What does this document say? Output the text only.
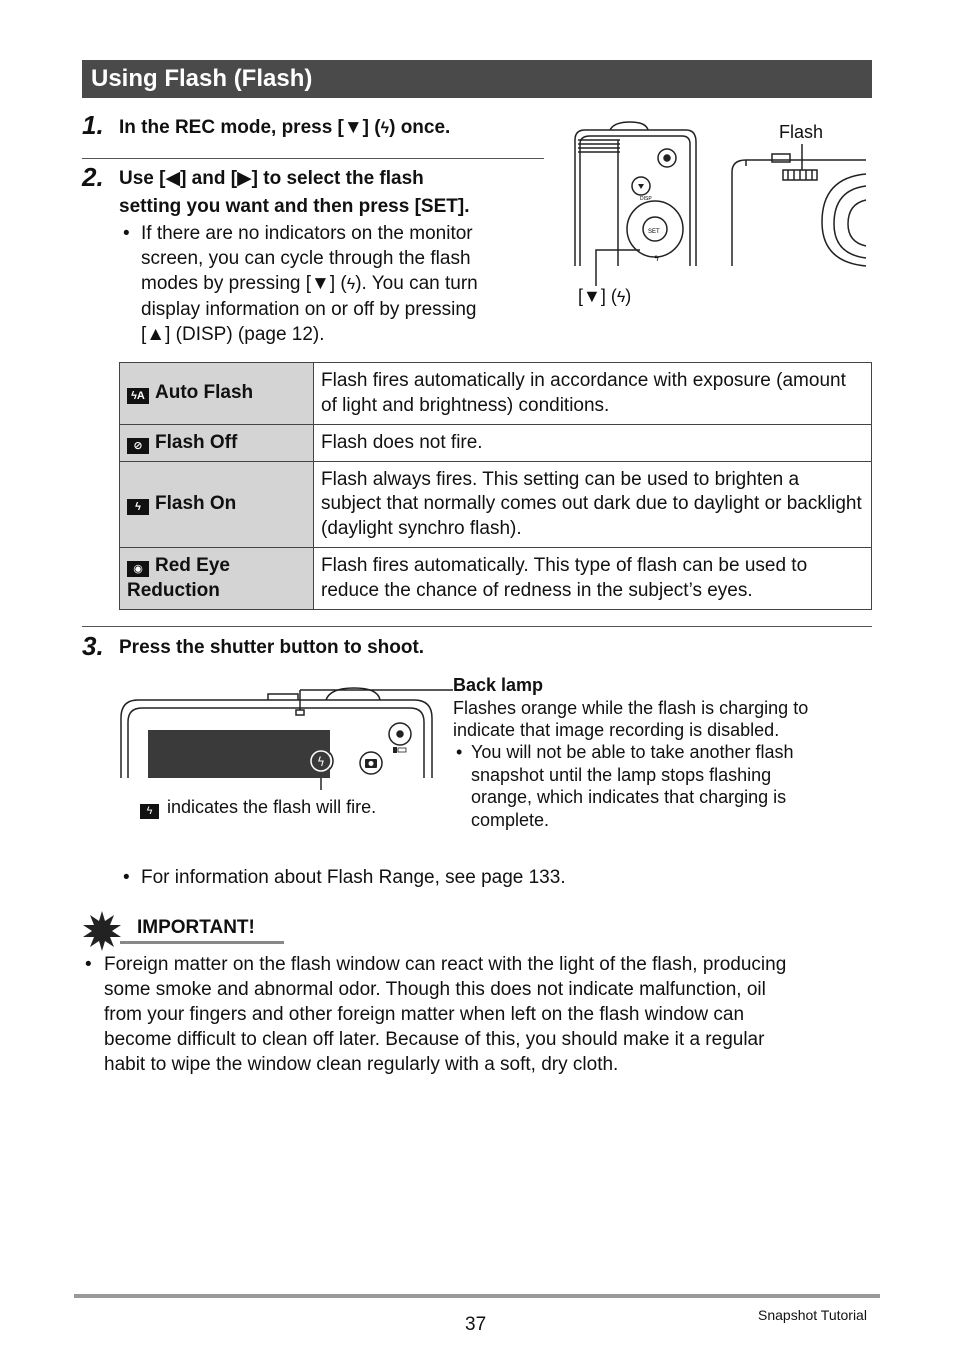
Using Flash (Flash)
1. In the REC mode, press [▼] (ϟ) once.
2. Use [◀] and [▶] to select the flash
setting you want and then press [SET].
• If there are no indicators on the monitor
screen, you can cycle through the flash
modes by pressing [▼] (ϟ). You can turn
display information on or off by pressing
[▲] (DISP) (page 12).
DISP
SET
ϟ
Flash
[▼] (ϟ)
ϟA Auto Flash	Flash fires automatically in accordance with exposure (amount of light and brightness) conditions.
⊘ Flash Off	Flash does not fire.
ϟ Flash On	Flash always fires. This setting can be used to brighten a subject that normally comes out dark due to daylight or backlight (daylight synchro flash).
◉ Red Eye Reduction	Flash fires automatically. This type of flash can be used to reduce the chance of redness in the subject’s eyes.
3. Press the shutter button to shoot.
ϟ
ϟ indicates the flash will fire.
Back lamp
Flashes orange while the flash is charging to
indicate that image recording is disabled.
• You will not be able to take another flash
snapshot until the lamp stops flashing
orange, which indicates that charging is
complete.
• For information about Flash Range, see page 133.
IMPORTANT!
• Foreign matter on the flash window can react with the light of the flash, producing
some smoke and abnormal odor. Though this does not indicate malfunction, oil
from your fingers and other foreign matter when left on the flash window can
become difficult to clean off later. Because of this, you should make it a regular
habit to wipe the window clean regularly with a soft, dry cloth.
37	Snapshot Tutorial
